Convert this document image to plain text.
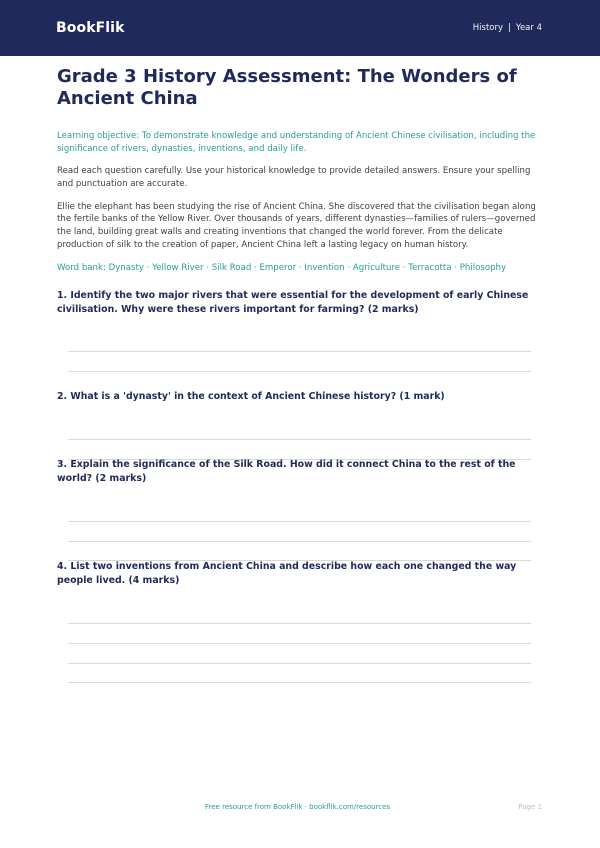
BookFlik	History | Year 4
Grade 3 History Assessment: The Wonders of Ancient China

Learning objective: To demonstrate knowledge and understanding of Ancient Chinese civilisation, including the significance of rivers, dynasties, inventions, and daily life.

Read each question carefully. Use your historical knowledge to provide detailed answers. Ensure your spelling and punctuation are accurate.

Ellie the elephant has been studying the rise of Ancient China. She discovered that the civilisation began along the fertile banks of the Yellow River. Over thousands of years, different dynasties—families of rulers—governed the land, building great walls and creating inventions that changed the world forever. From the delicate production of silk to the creation of paper, Ancient China left a lasting legacy on human history.

Word bank: Dynasty · Yellow River · Silk Road · Emperor · Invention · Agriculture · Terracotta · Philosophy

1. Identify the two major rivers that were essential for the development of early Chinese civilisation. Why were these rivers important for farming? (2 marks)

2. What is a 'dynasty' in the context of Ancient Chinese history? (1 mark)

3. Explain the significance of the Silk Road. How did it connect China to the rest of the world? (2 marks)

4. List two inventions from Ancient China and describe how each one changed the way people lived. (4 marks)

Free resource from BookFlik · bookflik.com/resources	Page 1
